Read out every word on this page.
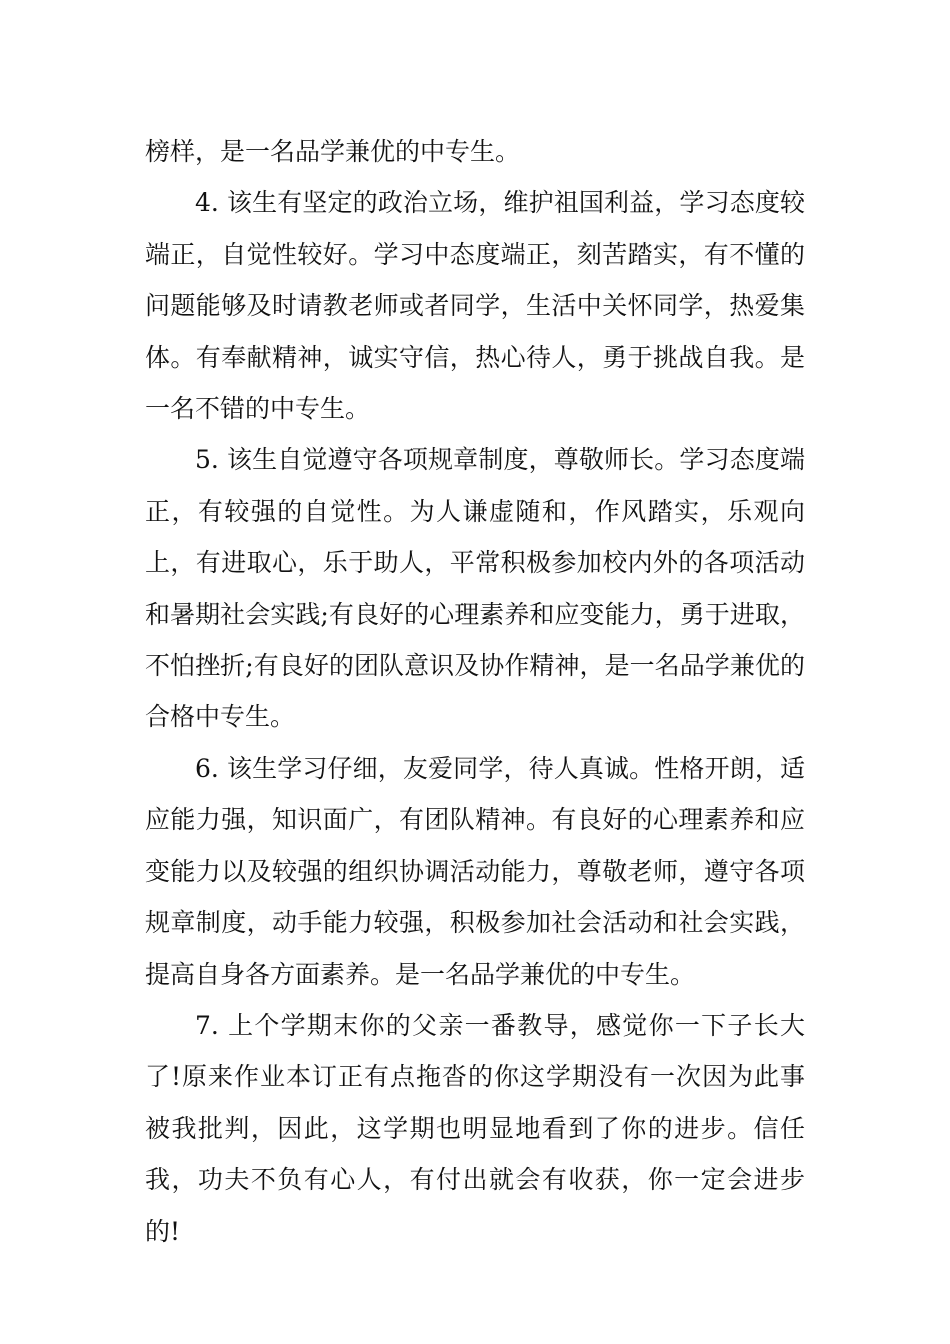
榜样，是一名品学兼优的中专生。

4. 该生有坚定的政治立场，维护祖国利益，学习态度较端正，自觉性较好。学习中态度端正，刻苦踏实，有不懂的问题能够及时请教老师或者同学，生活中关怀同学，热爱集体。有奉献精神，诚实守信，热心待人，勇于挑战自我。是一名不错的中专生。

5. 该生自觉遵守各项规章制度，尊敬师长。学习态度端正，有较强的自觉性。为人谦虚随和，作风踏实，乐观向上，有进取心，乐于助人，平常积极参加校内外的各项活动和暑期社会实践;有良好的心理素养和应变能力，勇于进取，不怕挫折;有良好的团队意识及协作精神，是一名品学兼优的合格中专生。

6. 该生学习仔细，友爱同学，待人真诚。性格开朗，适应能力强，知识面广，有团队精神。有良好的心理素养和应变能力以及较强的组织协调活动能力，尊敬老师，遵守各项规章制度，动手能力较强，积极参加社会活动和社会实践，提高自身各方面素养。是一名品学兼优的中专生。

7. 上个学期末你的父亲一番教导，感觉你一下子长大了!原来作业本订正有点拖沓的你这学期没有一次因为此事被我批判，因此，这学期也明显地看到了你的进步。信任我，功夫不负有心人，有付出就会有收获，你一定会进步的!
